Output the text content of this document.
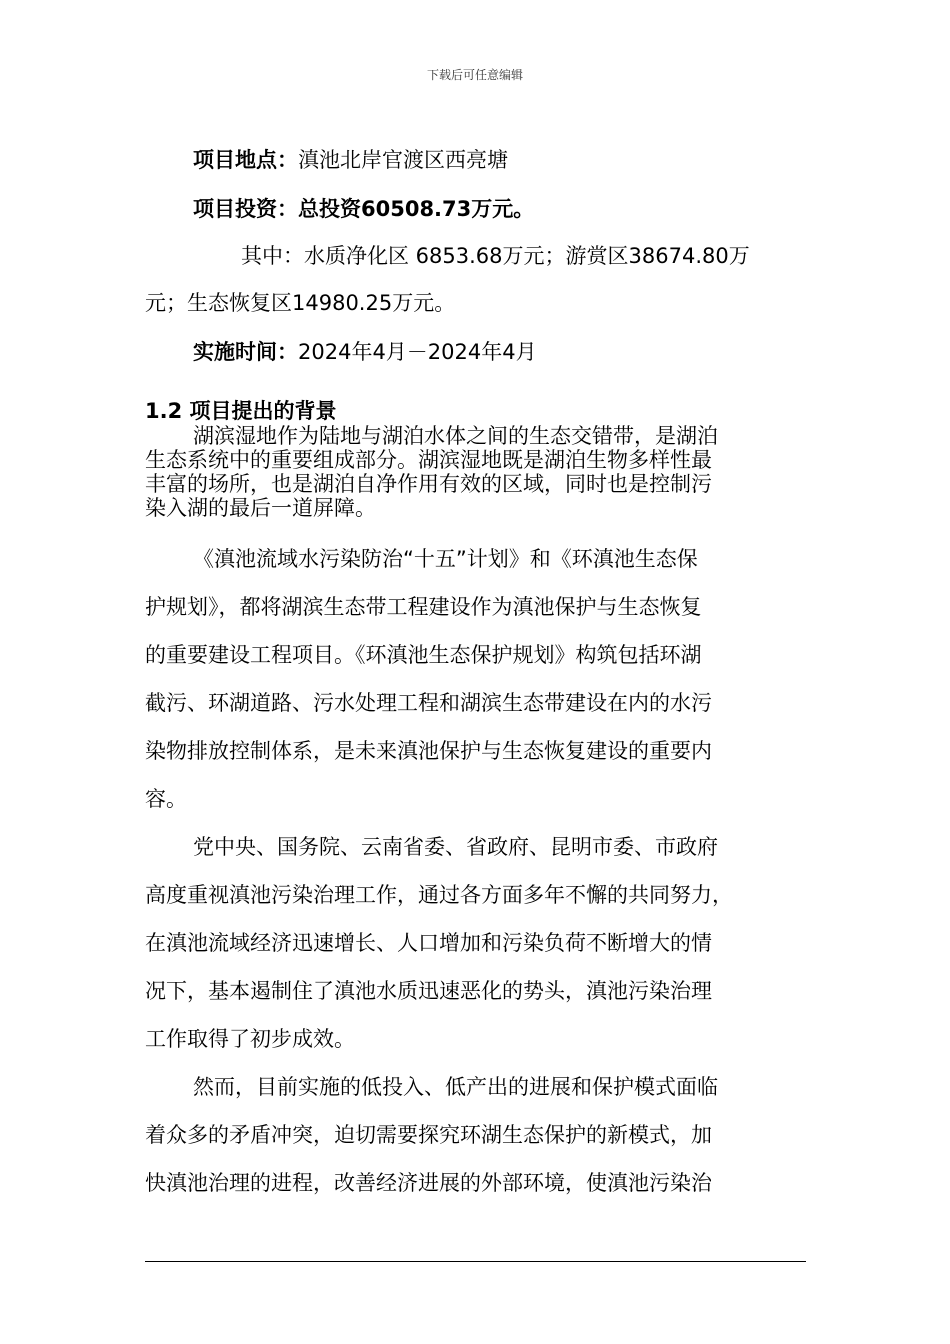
下载后可任意编辑
项目地点：滇池北岸官渡区西亮塘
项目投资：总投资60508.73万元。
其中：水质净化区 6853.68万元；游赏区38674.80万
元；生态恢复区14980.25万元。
实施时间：2024年4月－2024年4月
1.2 项目提出的背景
湖滨湿地作为陆地与湖泊水体之间的生态交错带，是湖泊
生态系统中的重要组成部分。湖滨湿地既是湖泊生物多样性最
丰富的场所，也是湖泊自净作用有效的区域，同时也是控制污
染入湖的最后一道屏障。
《滇池流域水污染防治“十五”计划》和《环滇池生态保
护规划》，都将湖滨生态带工程建设作为滇池保护与生态恢复
的重要建设工程项目。《环滇池生态保护规划》构筑包括环湖
截污、环湖道路、污水处理工程和湖滨生态带建设在内的水污
染物排放控制体系，是未来滇池保护与生态恢复建设的重要内
容。
党中央、国务院、云南省委、省政府、昆明市委、市政府
高度重视滇池污染治理工作，通过各方面多年不懈的共同努力，
在滇池流域经济迅速增长、人口增加和污染负荷不断增大的情
况下，基本遏制住了滇池水质迅速恶化的势头，滇池污染治理
工作取得了初步成效。
然而，目前实施的低投入、低产出的进展和保护模式面临
着众多的矛盾冲突，迫切需要探究环湖生态保护的新模式，加
快滇池治理的进程，改善经济进展的外部环境，使滇池污染治
